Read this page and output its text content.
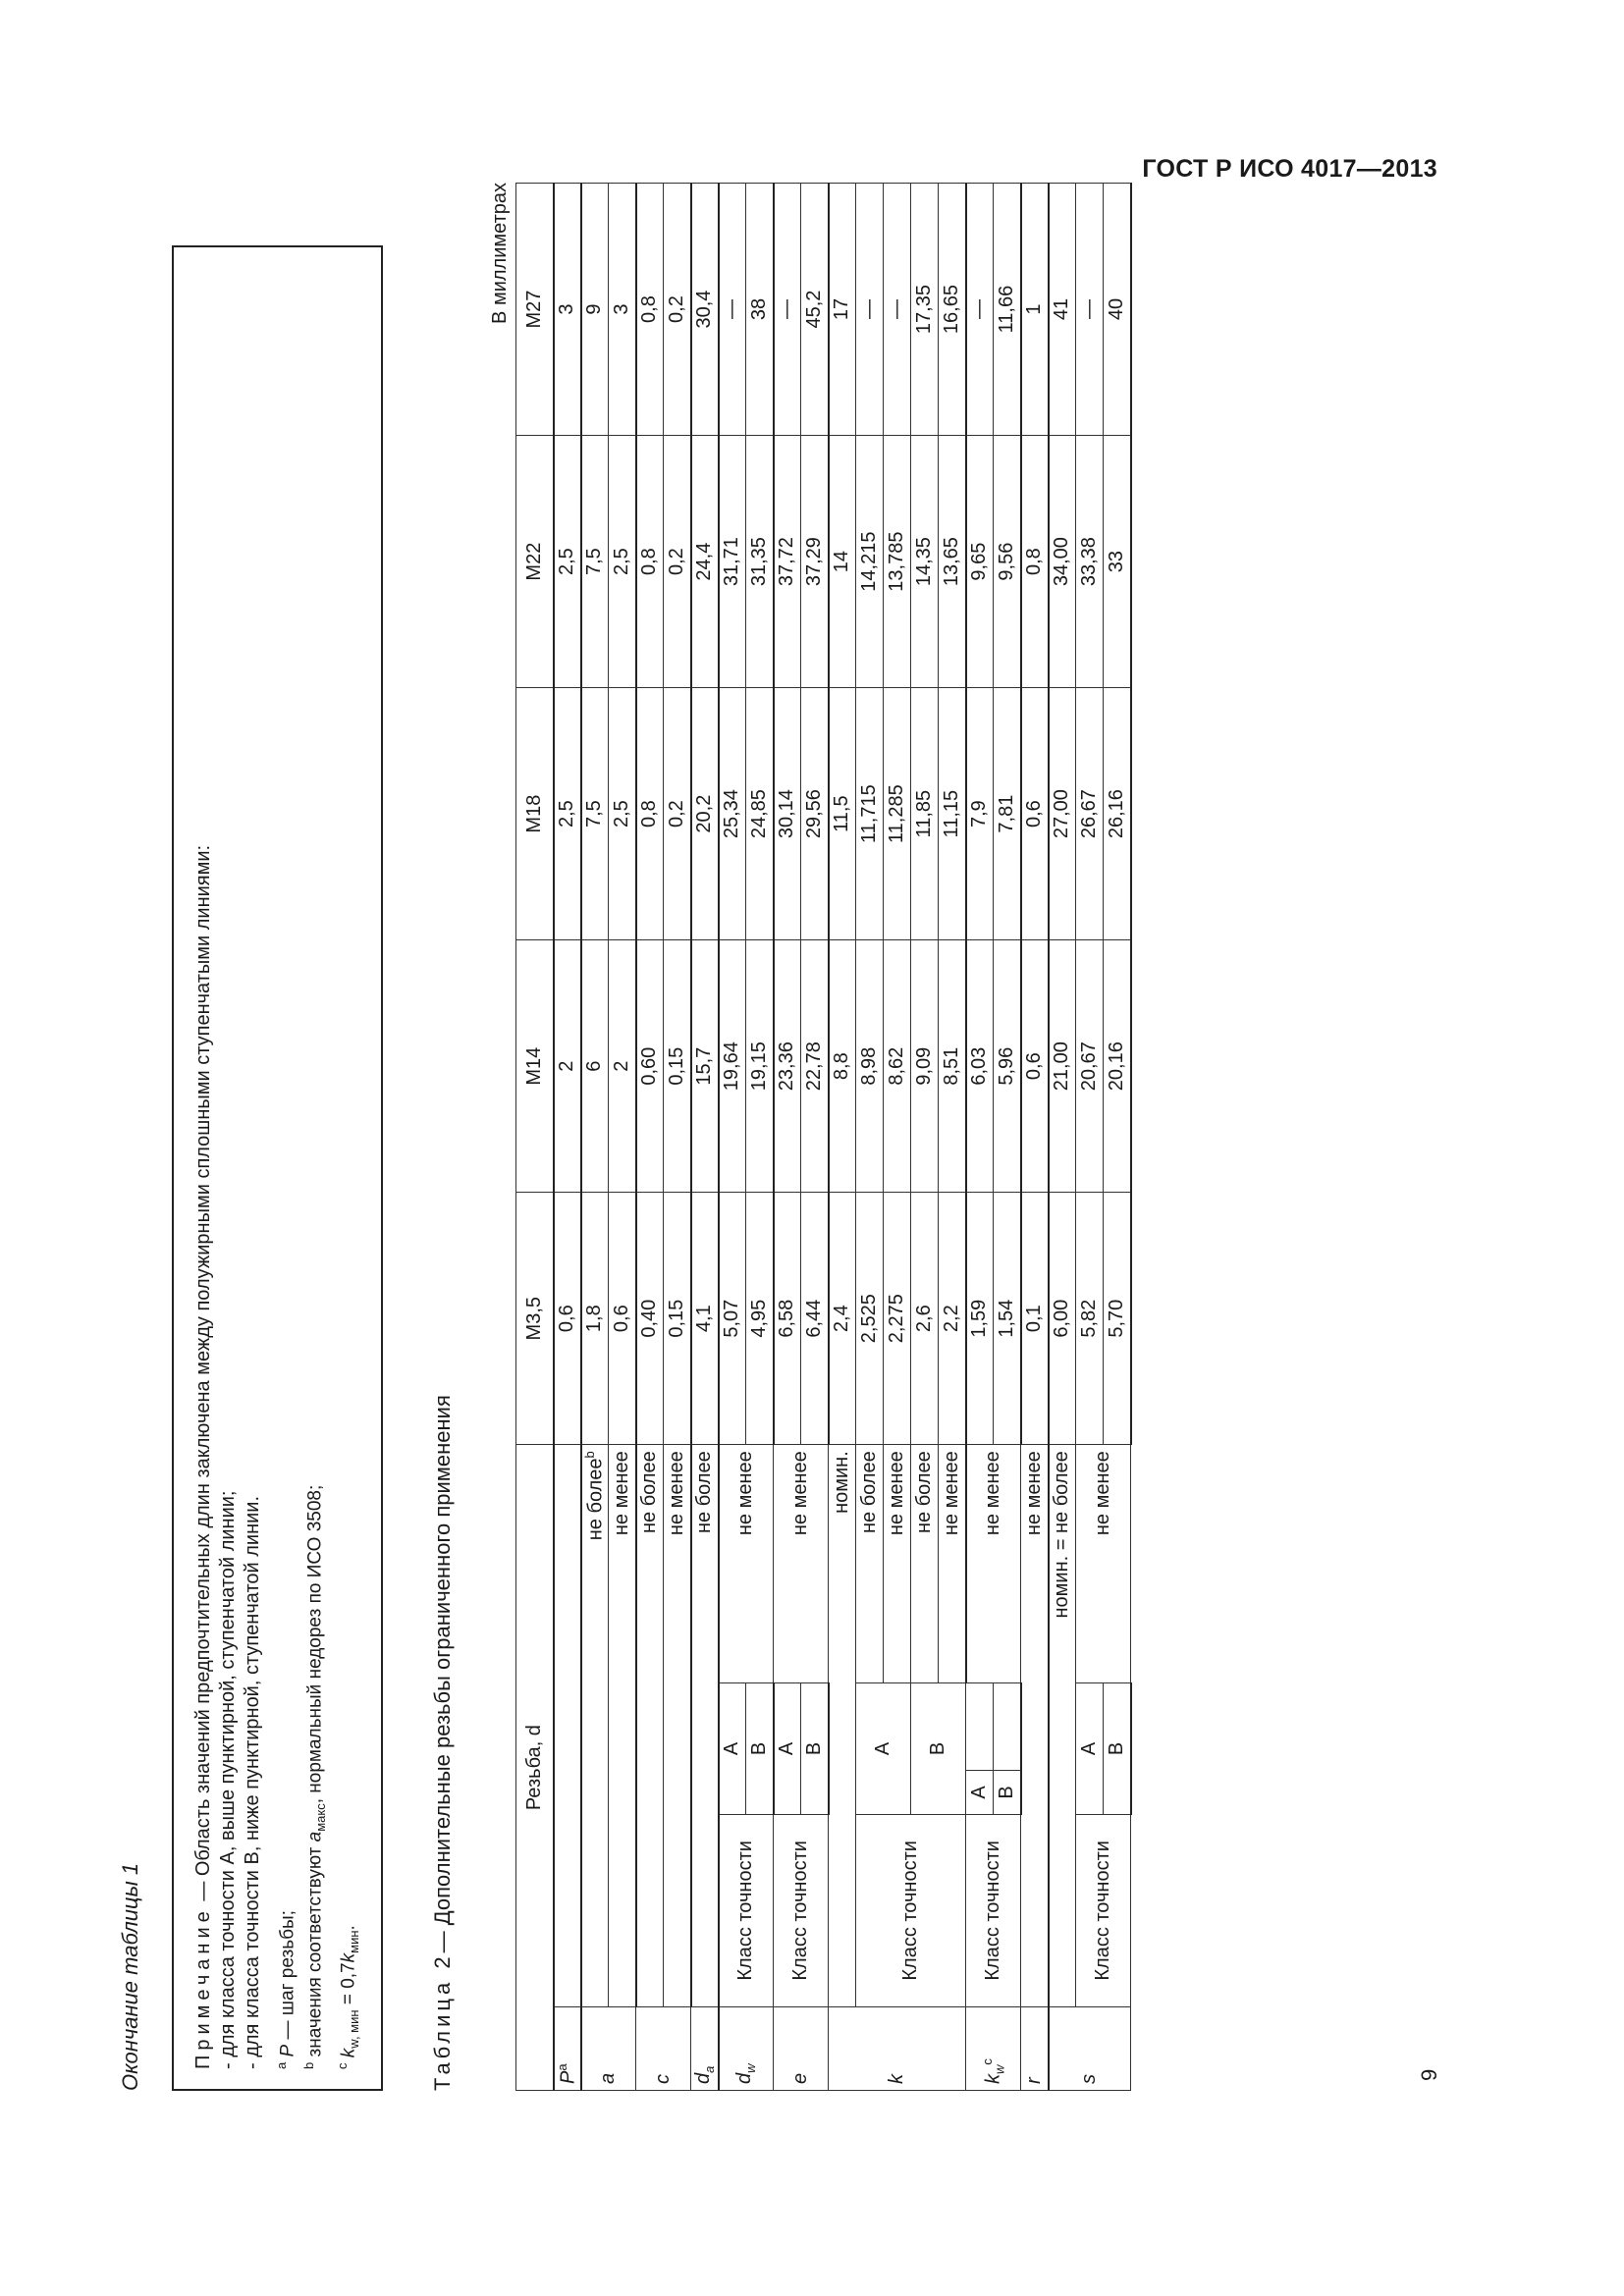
ГОСТ Р ИСО 4017—2013
9
Окончание таблицы 1	Примечание — Область значений предпочтительных длин заключена между полужирными сплошными ступенчатыми линиями: - для класса точности А, выше пунктирной, ступенчатой линии; - для класса точности В, ниже пунктирной, ступенчатой линии. $^а$ P — шаг резьбы;
$^b$ значения соответствуют $a_{макс}$, нормальный недорез по ИСО 3508;
$^c$ $k_{w, мин} = 0,7k_{мин}$.
Таблица 2— Дополнительные резьбы ограниченного применения
В миллиметрах
Резьба, d					М3,5	М14	М18	М22	М27
$P^а$					0,6	2	2,5	2,5	3
a				не более$^b$	1,8	6	7,5	7,5	9
				не менее	0,6	2	2,5	2,5	3
c				не более	0,40	0,60	0,8	0,8	0,8
				не менее	0,15	0,15	0,2	0,2	0,2
$d_a$				не более	4,1	15,7	20,2	24,4	30,4
$d_w$	Класс точности	А		не менее	5,07	19,64	25,34	31,71	—
		В			4,95	19,15	24,85	31,35	38
e	Класс точности	А		не менее	6,58	23,36	30,14	37,72	—
		В			6,44	22,78	29,56	37,29	45,2
k				номин.	2,4	8,8	11,5	14	17
	Класс точности	А		не более	2,525	8,98	11,715	14,215	—
				не менее	2,275	8,62	11,285	13,785	—
		В		не более	2,6	9,09	11,85	14,35	17,35
				не менее	2,2	8,51	11,15	13,65	16,65
$k_w^c$	Класс точности	А		не менее	1,59	6,03	7,9	9,65	—
		В			1,54	5,96	7,81	9,56	11,66
r				не менее	0,1	0,6	0,6	0,8	1
s				номин. = не более	6,00	21,00	27,00	34,00	41
	Класс точности	А		не менее	5,82	20,67	26,67	33,38	—
		В			5,70	20,16	26,16	33	40
